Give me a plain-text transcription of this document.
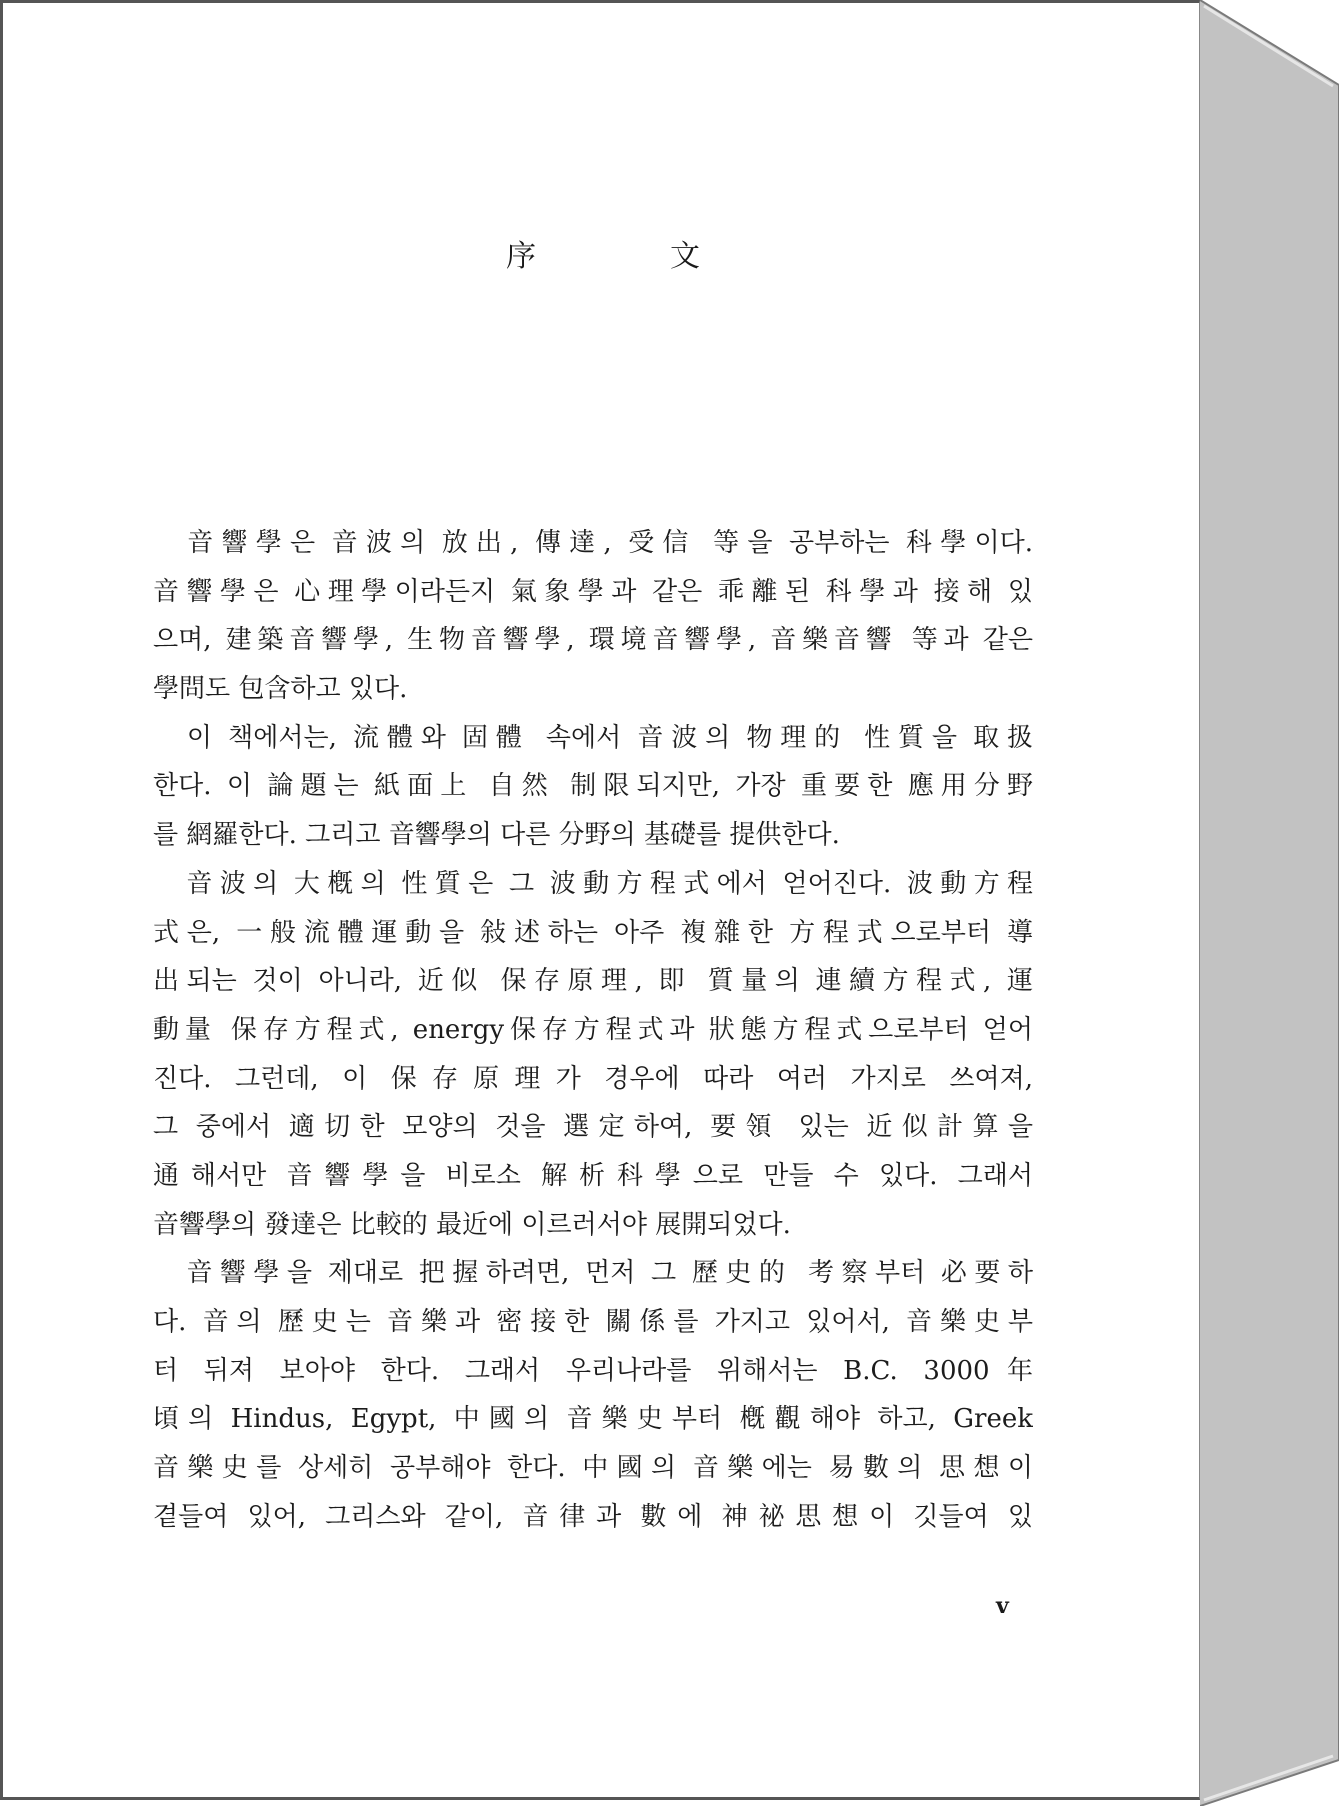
序　文
　音響學은 音波의 放出, 傳達, 受信 等을 공부하는 科學이다.
音響學은 心理學이라든지 氣象學과 같은 乖離된 科學과 接해 있
으며, 建築音響學, 生物音響學, 環境音響學, 音樂音響 等과 같은
學問도 包含하고 있다.
　이 책에서는, 流體와 固體 속에서 音波의 物理的 性質을 取扱
한다. 이 論題는 紙面上 自然 制限되지만, 가장 重要한 應用分野
를 網羅한다. 그리고 音響學의 다른 分野의 基礎를 提供한다.
　音波의 大槪의 性質은 그 波動方程式에서 얻어진다. 波動方程
式은, 一般流體運動을 敍述하는 아주 複雜한 方程式으로부터 導
出되는 것이 아니라, 近似 保存原理, 即 質量의 連續方程式, 運
動量 保存方程式, energy保存方程式과 狀態方程式으로부터 얻어
진다. 그런데, 이 保存原理가 경우에 따라 여러 가지로 쓰여져,
그 중에서 適切한 모양의 것을 選定하여, 要領 있는 近似計算을
通해서만 音響學을 비로소 解析科學으로 만들 수 있다. 그래서
音響學의 發達은 比較的 最近에 이르러서야 展開되었다.
　音響學을 제대로 把握하려면, 먼저 그 歷史的 考察부터 必要하
다. 音의 歷史는 音樂과 密接한 關係를 가지고 있어서, 音樂史부
터 뒤져 보아야 한다. 그래서 우리나라를 위해서는 B.C. 3000年
頃의 Hindus, Egypt, 中國의 音樂史부터 槪觀해야 하고, Greek
音樂史를 상세히 공부해야 한다. 中國의 音樂에는 易數의 思想이
곁들여 있어, 그리스와 같이, 音律과 數에 神祕思想이 깃들여 있
v
